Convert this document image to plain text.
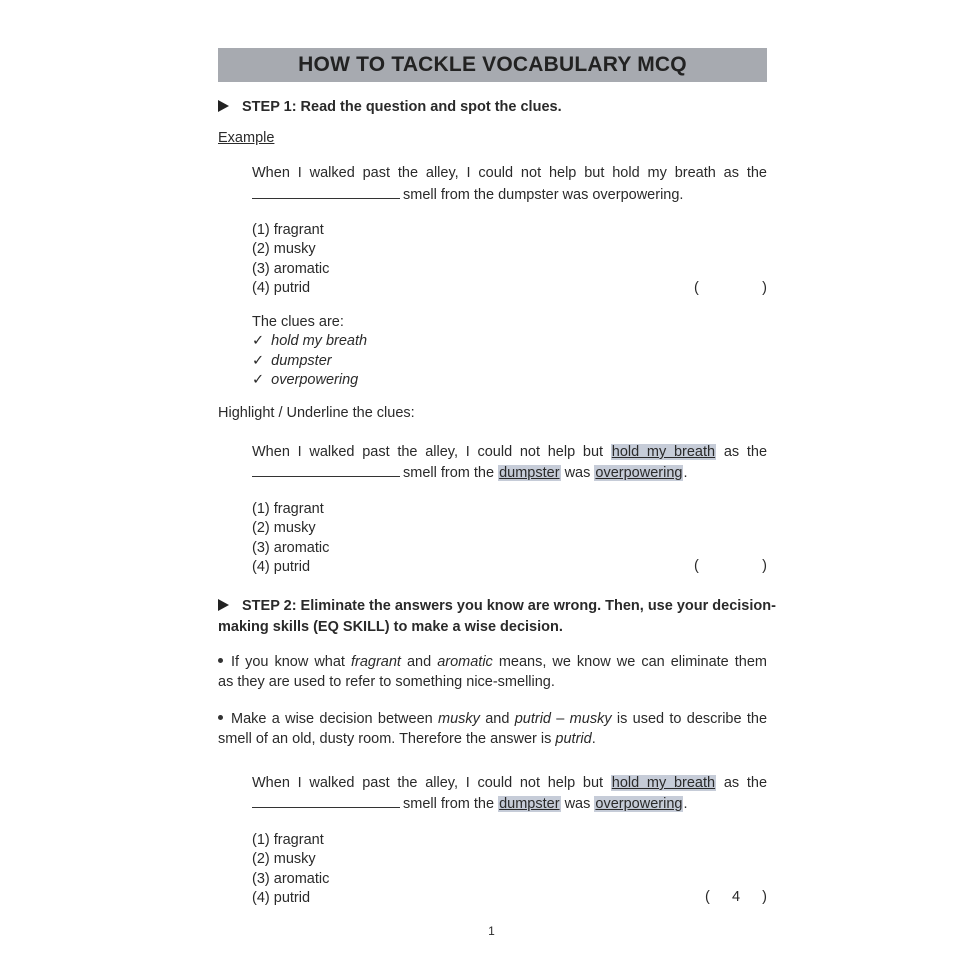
HOW TO TACKLE VOCABULARY MCQ
STEP 1: Read the question and spot the clues.
Example
When I walked past the alley, I could not help but hold my breath as the
smell from the dumpster was overpowering.
(1) fragrant
(2) musky
(3) aromatic
(4) putrid	(	)
The clues are:
✓ hold my breath
✓ dumpster
✓ overpowering
Highlight / Underline the clues:
When I walked past the alley, I could not help but hold my breath as the
smell from the dumpster was overpowering.
(1) fragrant
(2) musky
(3) aromatic
(4) putrid	(	)
STEP 2: Eliminate the answers you know are wrong. Then, use your decision-
making skills (EQ SKILL) to make a wise decision.
If you know what fragrant and aromatic means, we know we can eliminate them
as they are used to refer to something nice-smelling.
Make a wise decision between musky and putrid – musky is used to describe the
smell of an old, dusty room. Therefore the answer is putrid.
When I walked past the alley, I could not help but hold my breath as the
smell from the dumpster was overpowering.
(1) fragrant
(2) musky
(3) aromatic
(4) putrid	( 4 )
1
